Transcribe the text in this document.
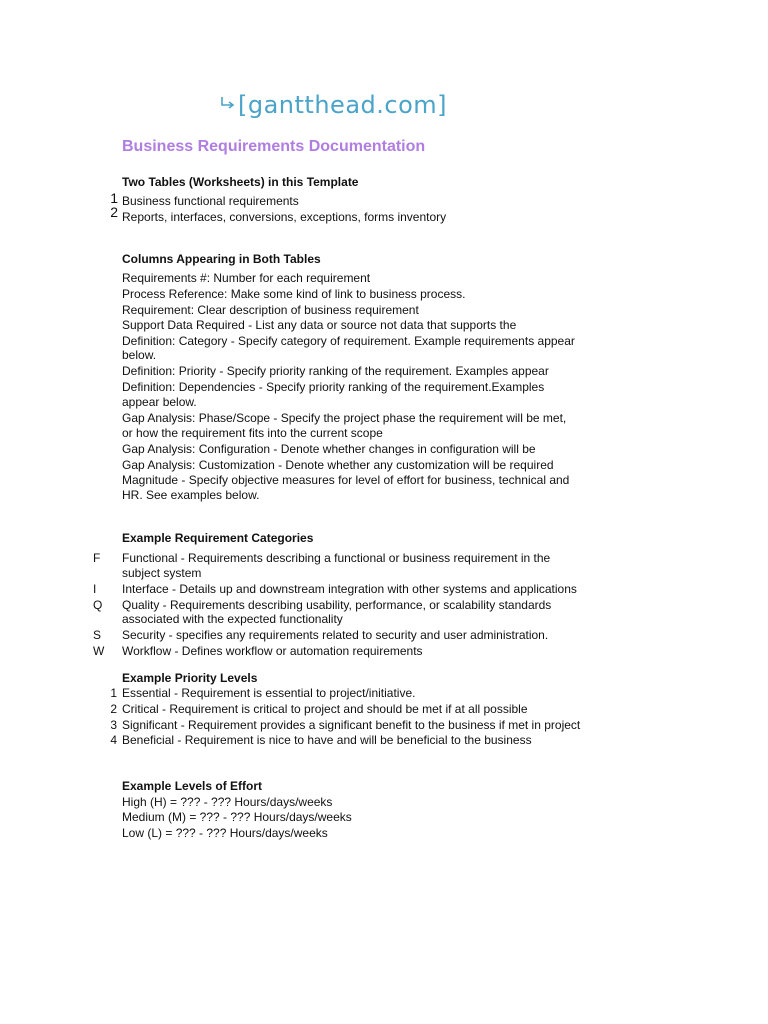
[gantthead.com]
Business Requirements Documentation
Two Tables (Worksheets) in this Template
1 Business functional requirements
2 Reports, interfaces, conversions, exceptions, forms inventory
Columns Appearing in Both Tables
Requirements #: Number for each requirement
Process Reference: Make some kind of link to business process.
Requirement: Clear description of business requirement
Support Data Required - List any data or source not data that supports the
Definition: Category - Specify category of requirement. Example requirements appear
below.
Definition: Priority - Specify priority ranking of the requirement. Examples appear
Definition: Dependencies - Specify priority ranking of the requirement.Examples
appear below.
Gap Analysis: Phase/Scope - Specify the project phase the requirement will be met,
or how the requirement fits into the current scope
Gap Analysis: Configuration - Denote whether changes in configuration will be
Gap Analysis: Customization - Denote whether any customization will be required
Magnitude - Specify objective measures for level of effort for business, technical and
HR. See examples below.
Example Requirement Categories
F Functional - Requirements describing a functional or business requirement in the
subject system
I Interface - Details up and downstream integration with other systems and applications
Q Quality - Requirements describing usability, performance, or scalability standards
associated with the expected functionality
S Security - specifies any requirements related to security and user administration.
W Workflow - Defines workflow or automation requirements
Example Priority Levels
1 Essential - Requirement is essential to project/initiative.
2 Critical - Requirement is critical to project and should be met if at all possible
3 Significant - Requirement provides a significant benefit to the business if met in project
4 Beneficial - Requirement is nice to have and will be beneficial to the business
Example Levels of Effort
High (H) = ??? - ??? Hours/days/weeks
Medium (M) = ??? - ??? Hours/days/weeks
Low (L) = ??? - ??? Hours/days/weeks
